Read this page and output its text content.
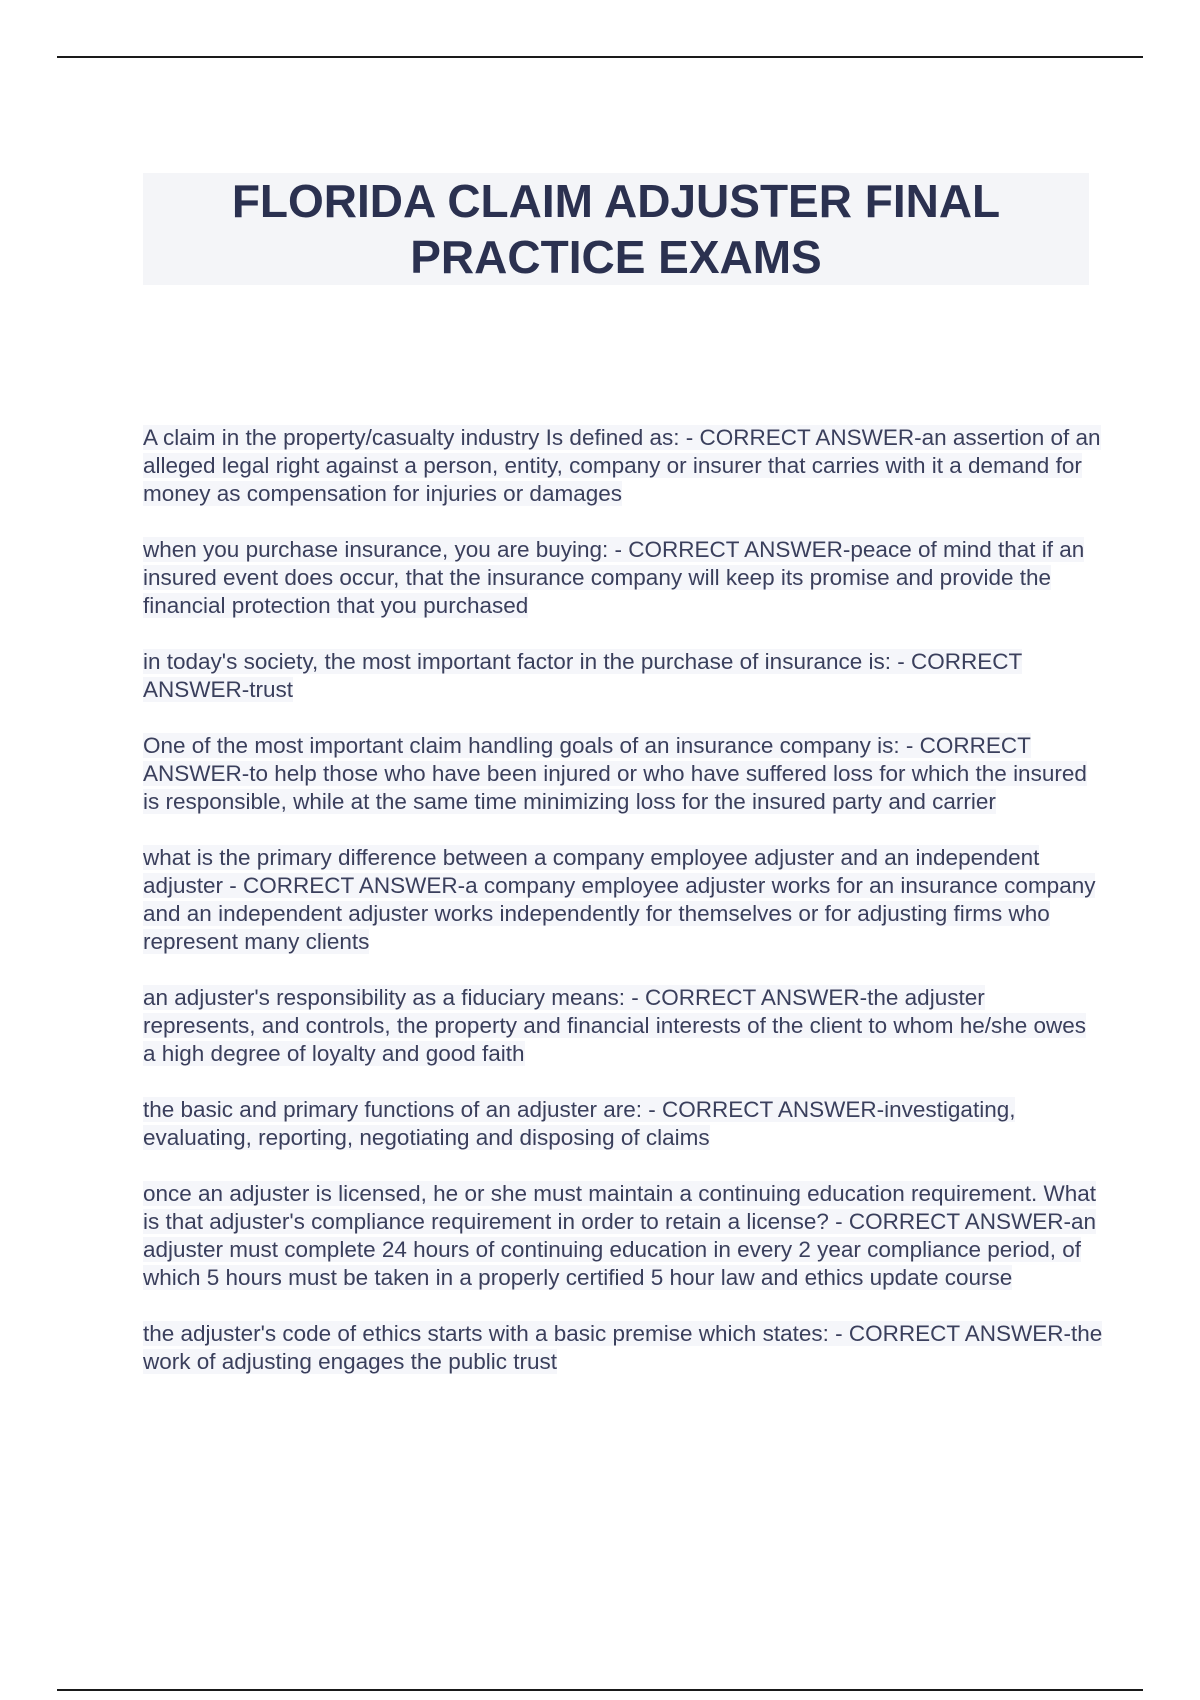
FLORIDA CLAIM ADJUSTER FINAL PRACTICE EXAMS

A claim in the property/casualty industry Is defined as: - CORRECT ANSWER-an assertion of an alleged legal right against a person, entity, company or insurer that carries with it a demand for money as compensation for injuries or damages

when you purchase insurance, you are buying: - CORRECT ANSWER-peace of mind that if an insured event does occur, that the insurance company will keep its promise and provide the financial protection that you purchased

in today's society, the most important factor in the purchase of insurance is: - CORRECT ANSWER-trust

One of the most important claim handling goals of an insurance company is: - CORRECT ANSWER-to help those who have been injured or who have suffered loss for which the insured is responsible, while at the same time minimizing loss for the insured party and carrier

what is the primary difference between a company employee adjuster and an independent adjuster - CORRECT ANSWER-a company employee adjuster works for an insurance company and an independent adjuster works independently for themselves or for adjusting firms who represent many clients

an adjuster's responsibility as a fiduciary means: - CORRECT ANSWER-the adjuster represents, and controls, the property and financial interests of the client to whom he/she owes a high degree of loyalty and good faith

the basic and primary functions of an adjuster are: - CORRECT ANSWER-investigating, evaluating, reporting, negotiating and disposing of claims

once an adjuster is licensed, he or she must maintain a continuing education requirement. What is that adjuster's compliance requirement in order to retain a license? - CORRECT ANSWER-an adjuster must complete 24 hours of continuing education in every 2 year compliance period, of which 5 hours must be taken in a properly certified 5 hour law and ethics update course

the adjuster's code of ethics starts with a basic premise which states: - CORRECT ANSWER-the work of adjusting engages the public trust
